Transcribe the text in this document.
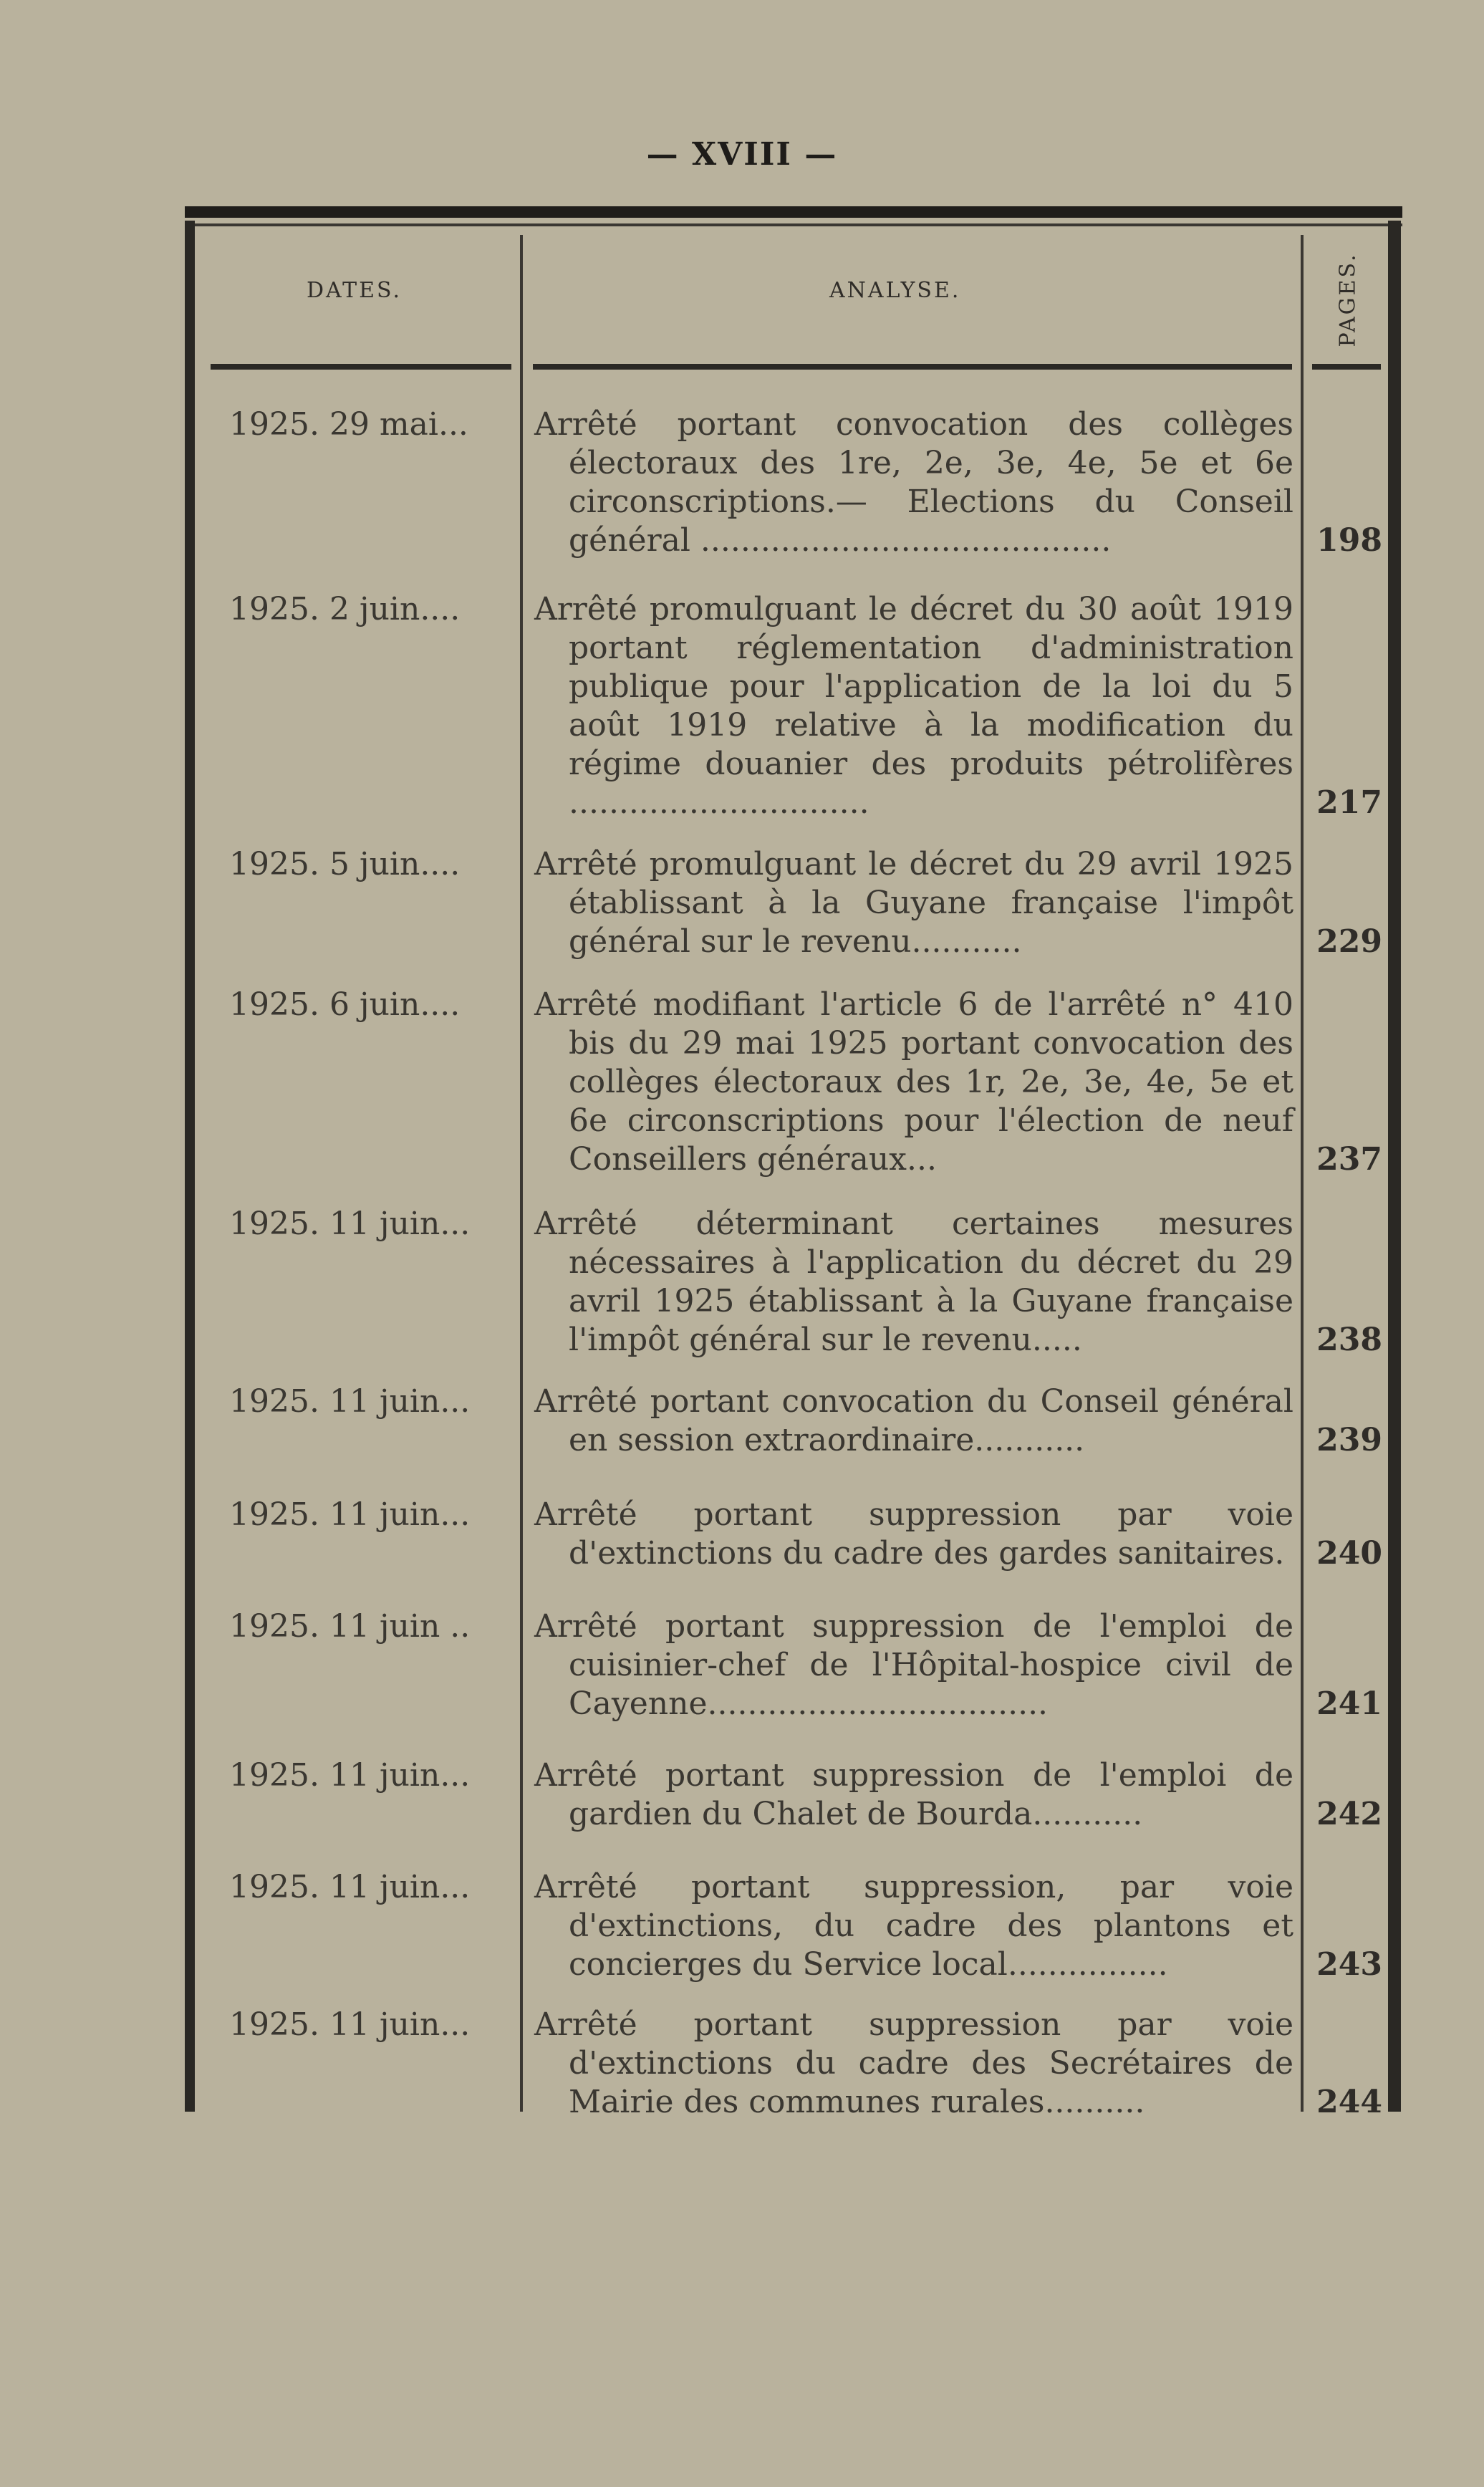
— XVIII —
DATES.	ANALYSE.	PAGES.
1925. 29 mai...	Arrêté portant convocation des collèges électoraux des 1re, 2e, 3e, 4e, 5e et 6e circonscriptions.— Elections du Conseil général .........................................	198
1925. 2 juin....	Arrêté promulguant le décret du 30 août 1919 portant réglementation d'administration publique pour l'application de la loi du 5 août 1919 relative à la modification du régime douanier des produits pétrolifères ..............................	217
1925. 5 juin....	Arrêté promulguant le décret du 29 avril 1925 établissant à la Guyane française l'impôt général sur le revenu...........	229
1925. 6 juin....	Arrêté modifiant l'article 6 de l'arrêté n° 410 bis du 29 mai 1925 portant convocation des collèges électoraux des 1r, 2e, 3e, 4e, 5e et 6e circonscriptions pour l'élection de neuf Conseillers généraux...	237
1925. 11 juin...	Arrêté déterminant certaines mesures nécessaires à l'application du décret du 29 avril 1925 établissant à la Guyane française l'impôt général sur le revenu.....	238
1925. 11 juin...	Arrêté portant convocation du Conseil général en session extraordinaire...........	239
1925. 11 juin...	Arrêté portant suppression par voie d'extinctions du cadre des gardes sanitaires. 240
1925. 11 juin ..	Arrêté portant suppression de l'emploi de cuisinier-chef de l'Hôpital-hospice civil de Cayenne..................................	241
1925. 11 juin...	Arrêté portant suppression de l'emploi de gardien du Chalet de Bourda...........	242
1925. 11 juin...	Arrêté portant suppression, par voie d'extinctions, du cadre des plantons et concierges du Service local................	243
1925. 11 juin...	Arrêté portant suppression par voie d'extinctions du cadre des Secrétaires de Mairie des communes rurales..........	244
